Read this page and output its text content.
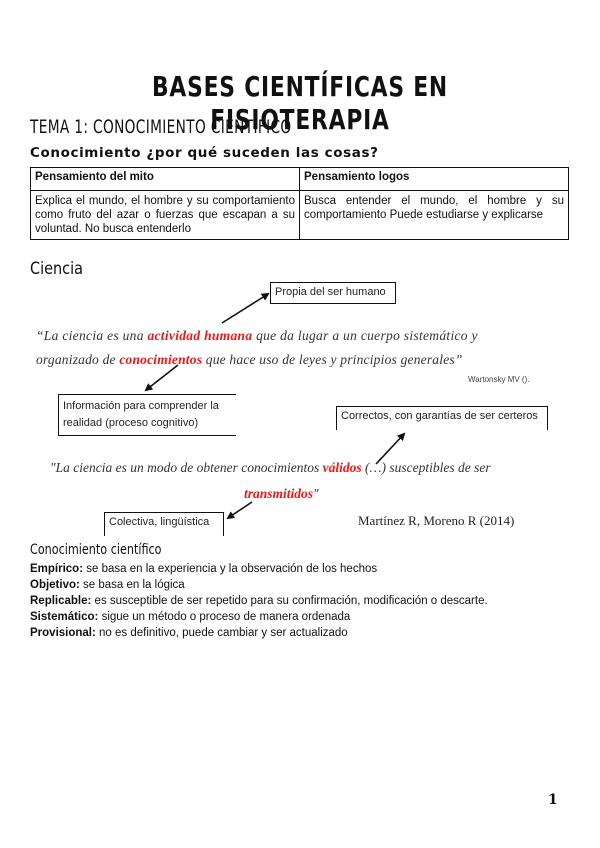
BASES CIENTÍFICAS EN FISIOTERAPIA
TEMA 1: CONOCIMIENTO CIENTÍFICO
Conocimiento ¿por qué suceden las cosas?
Pensamiento del mito	Pensamiento logos
Explica el mundo, el hombre y su comportamiento como fruto del azar o fuerzas que escapan a su voluntad. No busca entenderlo	Busca entender el mundo, el hombre y su comportamiento Puede estudiarse y explicarse
Ciencia
Propia del ser humano
“La ciencia es una actividad humana que da lugar a un cuerpo sistemático y
organizado de conocimientos que hace uso de leyes y principios generales”
Wartonsky MV ().
Información para comprender la realidad (proceso cognitivo)
Correctos, con garantías de ser certeros
"La ciencia es un modo de obtener conocimientos válidos (…) susceptibles de ser
transmitidos"
Colectiva, lingüística	Martínez R, Moreno R (2014)
Conocimiento científico
Empírico: se basa en la experiencia y la observación de los hechos
Objetivo: se basa en la lógica
Replicable: es susceptible de ser repetido para su confirmación, modificación o descarte.
Sistemático: sigue un método o proceso de manera ordenada
Provisional: no es definitivo, puede cambiar y ser actualizado
1
